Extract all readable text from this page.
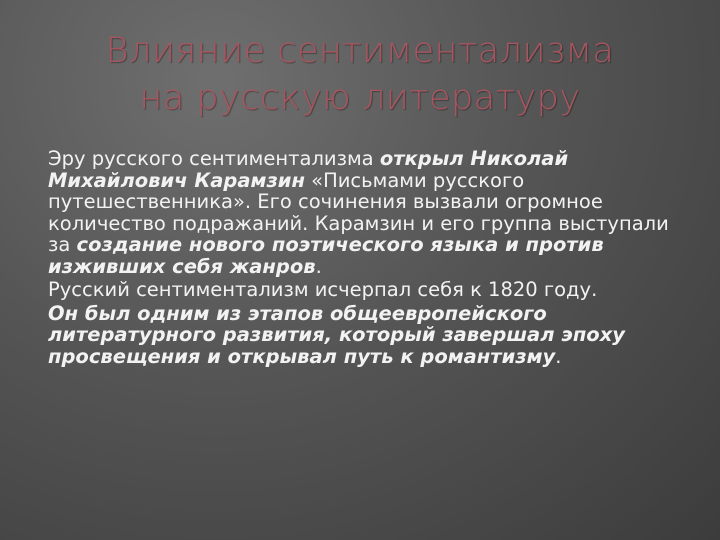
Влияние сентиментализма
на русскую литературу

Эру русского сентиментализма открыл Николай Михайлович Карамзин «Письмами русского путешественника». Его сочинения вызвали огромное количество подражаний. Карамзин и его группа выступали за создание нового поэтического языка и против изживших себя жанров.

Русский сентиментализм исчерпал себя к 1820 году.

Он был одним из этапов общеевропейского литературного развития, который завершал эпоху просвещения и открывал путь к романтизму.
